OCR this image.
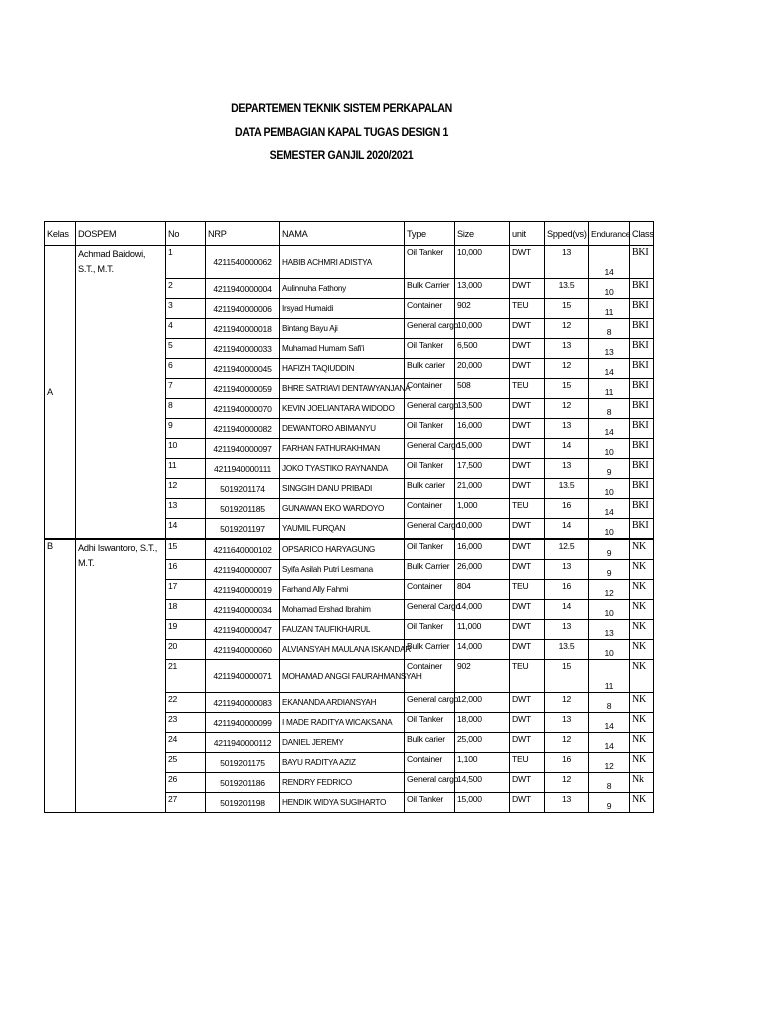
DEPARTEMEN TEKNIK SISTEM PERKAPALAN
DATA PEMBAGIAN KAPAL TUGAS DESIGN 1
SEMESTER GANJIL 2020/2021
Kelas	DOSPEM	No	NRP	NAMA	Type	Size	unit	Spped(vs)	Endurance	Class
A	Achmad Baidowi, S.T., M.T.	1	4211540000062	HABIB ACHMRI ADISTYA	Oil Tanker	10,000	DWT	13	14	BKI
		2	4211940000004	Aulinnuha Fathony	Bulk Carrier	13,000	DWT	13.5	10	BKI
		3	4211940000006	Irsyad Humaidi	Container	902	TEU	15	11	BKI
		4	4211940000018	Bintang Bayu Aji	General cargo	10,000	DWT	12	8	BKI
		5	4211940000033	Muhamad Humam Safi'i	Oil Tanker	6,500	DWT	13	13	BKI
		6	4211940000045	HAFIZH TAQIUDDIN	Bulk carier	20,000	DWT	12	14	BKI
		7	4211940000059	BHRE SATRIAVI DENTAWYANJANA	Container	508	TEU	15	11	BKI
		8	4211940000070	KEVIN JOELIANTARA WIDODO	General cargo	13,500	DWT	12	8	BKI
		9	4211940000082	DEWANTORO ABIMANYU	Oil Tanker	16,000	DWT	13	14	BKI
		10	4211940000097	FARHAN FATHURAKHMAN	General Cargo	15,000	DWT	14	10	BKI
		11	4211940000111	JOKO TYASTIKO RAYNANDA	Oil Tanker	17,500	DWT	13	9	BKI
		12	5019201174	SINGGIH DANU PRIBADI	Bulk carier	21,000	DWT	13.5	10	BKI
		13	5019201185	GUNAWAN EKO WARDOYO	Container	1,000	TEU	16	14	BKI
		14	5019201197	YAUMIL FURQAN	General Cargo	10,000	DWT	14	10	BKI
B	Adhi Iswantoro, S.T., M.T.	15	4211640000102	OPSARICO HARYAGUNG	Oil Tanker	16,000	DWT	12.5	9	NK
		16	4211940000007	Syifa Asilah Putri Lesmana	Bulk Carrier	26,000	DWT	13	9	NK
		17	4211940000019	Farhand Ally Fahmi	Container	804	TEU	16	12	NK
		18	4211940000034	Mohamad Ershad Ibrahim	General Cargo	14,000	DWT	14	10	NK
		19	4211940000047	FAUZAN TAUFIKHAIRUL	Oil Tanker	11,000	DWT	13	13	NK
		20	4211940000060	ALVIANSYAH MAULANA ISKANDAR	Bulk Carrier	14,000	DWT	13.5	10	NK
		21	4211940000071	MOHAMAD ANGGI FAURAHMANSYAH	Container	902	TEU	15	11	NK
		22	4211940000083	EKANANDA ARDIANSYAH	General cargo	12,000	DWT	12	8	NK
		23	4211940000099	I MADE RADITYA WICAKSANA	Oil Tanker	18,000	DWT	13	14	NK
		24	4211940000112	DANIEL JEREMY	Bulk carier	25,000	DWT	12	14	NK
		25	5019201175	BAYU RADITYA AZIZ	Container	1,100	TEU	16	12	NK
		26	5019201186	RENDRY FEDRICO	General cargo	14,500	DWT	12	8	Nk
		27	5019201198	HENDIK WIDYA SUGIHARTO	Oil Tanker	15,000	DWT	13	9	NK
